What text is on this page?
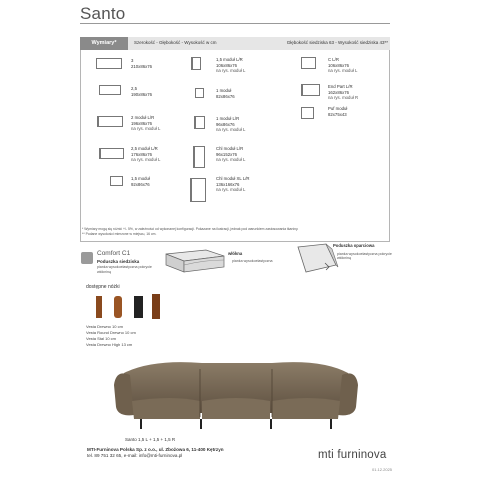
Santo
Wymiary*	Szerokość - Głębokość - Wysokość w cm	Głębokość siedziska 63 - Wysokość siedziska 43**
3
210x86x76
2,5
190x86x76
2 moduł L/R
196x86x76
na rys. moduł L
2,5 moduł L/R
176x86x76
na rys. moduł L
1,5 moduł
92x86x76
1,5 moduł L/R
106x86x76
na rys. moduł L
1 moduł
82x86x76
1 moduł L/R
96x86x76
na rys. moduł L
Chl moduł L/R
96x152x76
na rys. moduł L
Chl moduł XL L/R
136x166x76
na rys. moduł L
C L/R
106x86x76
na rys. moduł L
End Part L/R
162x86x76
na rys. moduł R
Puf moduł
82x75x43
* Wymiary mogą się różnić +/- 5%, w zależności od wykonanej konfiguracji. Pokazane na ilustracji, jednak pod warunkiem zastosowania tkaniny.
** Podane wysokości mierzone w miejscu, 16 cm.
Comfort C1
Poduszka siedziska
pianka wysokoelastyczna pokrycie włókniną
włókna
pianka wysokoelastyczna
Poduszka oparciowa
pianka wysokoelastyczna pokrycie włókniną
dostępne nóżki
Vesta Drewno 10 cm
Vesta Round Drewno 10 cm
Vesta Stal 10 cm
Vesta Drewno High 13 cm
Santo 1,5 L + 1,5 + 1,5 R
MTI-Furninova Polska Sp. z o.o., ul. Zbożowa 6, 11-400 Kętrzyn
tel. 89 751 32 65, e-mail: info@mti-furninova.pl	mti furninova
01.12.2025
